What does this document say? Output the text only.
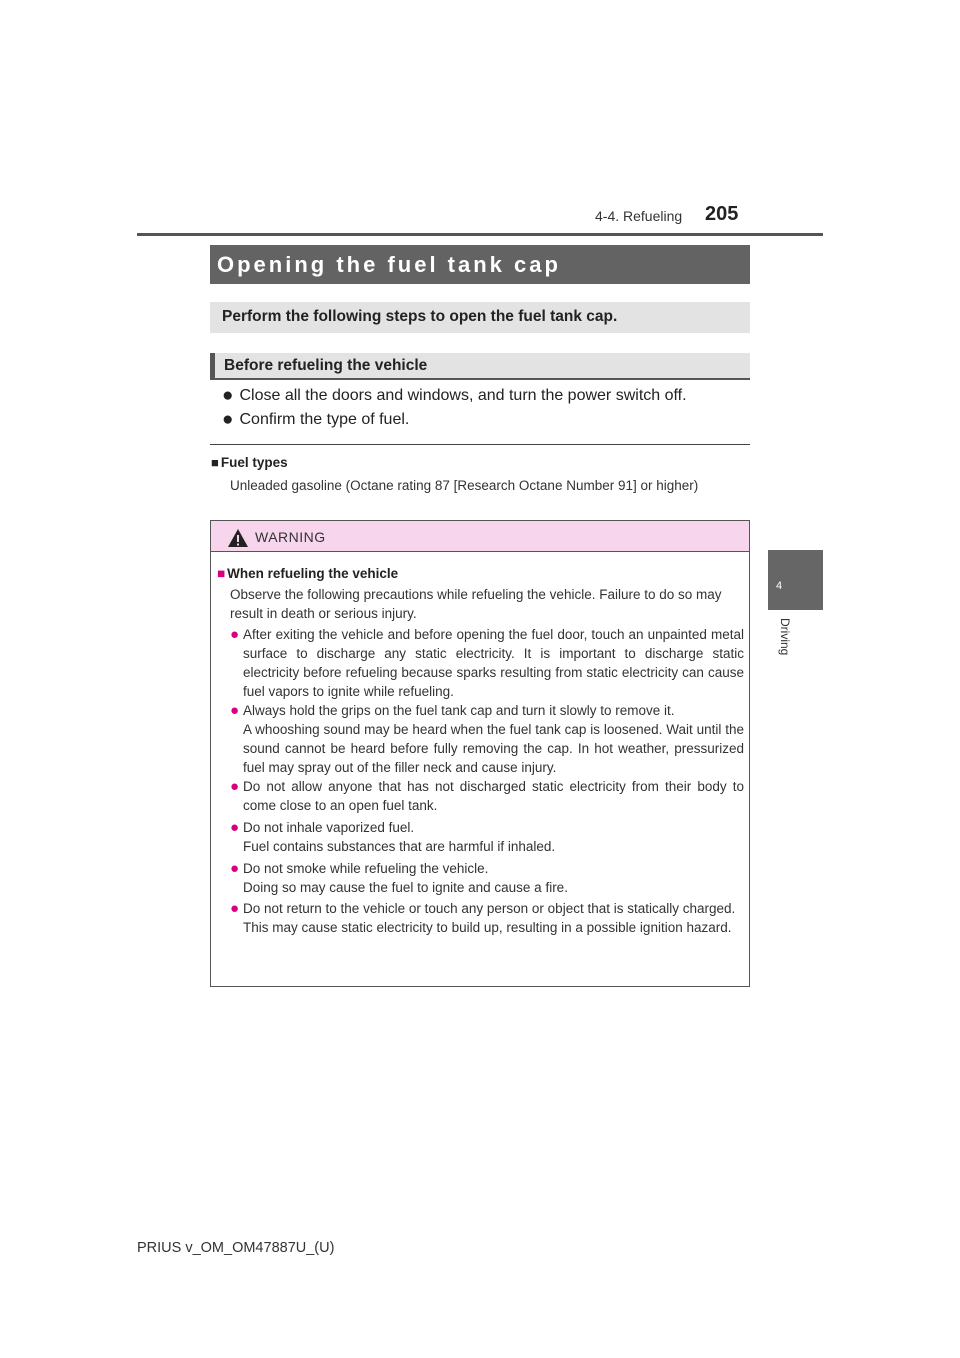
4-4. Refueling 205
4
Driving
Opening the fuel tank cap
Perform the following steps to open the fuel tank cap.
Before refueling the vehicle
● Close all the doors and windows, and turn the power switch off.
● Confirm the type of fuel.
■ Fuel types
Unleaded gasoline (Octane rating 87 [Research Octane Number 91] or higher)
WARNING
■ When refueling the vehicle
Observe the following precautions while refueling the vehicle. Failure to do so may result in death or serious injury.
● After exiting the vehicle and before opening the fuel door, touch an unpainted metal surface to discharge any static electricity. It is important to discharge static electricity before refueling because sparks resulting from static electricity can cause fuel vapors to ignite while refueling.
● Always hold the grips on the fuel tank cap and turn it slowly to remove it.
A whooshing sound may be heard when the fuel tank cap is loosened. Wait until the sound cannot be heard before fully removing the cap. In hot weather, pressurized fuel may spray out of the filler neck and cause injury.
● Do not allow anyone that has not discharged static electricity from their body to come close to an open fuel tank.
● Do not inhale vaporized fuel.
Fuel contains substances that are harmful if inhaled.
● Do not smoke while refueling the vehicle.
Doing so may cause the fuel to ignite and cause a fire.
● Do not return to the vehicle or touch any person or object that is statically charged.
This may cause static electricity to build up, resulting in a possible ignition hazard.
PRIUS v_OM_OM47887U_(U)
